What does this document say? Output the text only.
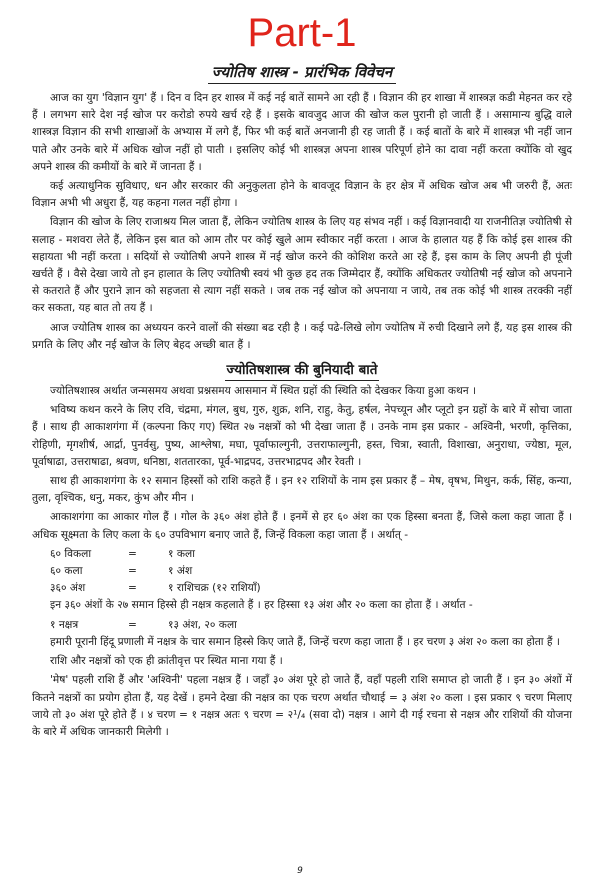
Part-1
ज्योतिष शास्त्र - प्रारंभिक विवेचन

आज का युग 'विज्ञान युग' हैं । दिन व दिन हर शास्त्र में कई नई बातें सामने आ रही हैं । विज्ञान की हर शाखा में शास्त्रज्ञ कडी मेहनत कर रहे हैं । लगभग सारे देश नई खोज पर करोडो रुपये खर्च रहे हैं । इसके बावजुद आज की खोज कल पुरानी हो जाती हैं । असामान्य बुद्धि वाले शास्त्रज्ञ विज्ञान की सभी शाखाओं के अभ्यास में लगे हैं, फिर भी कई बातें अनजानी ही रह जाती हैं । कई बातों के बारे में शास्त्रज्ञ भी नहीं जान पाते और उनके बारे में अधिक खोज नहीं हो पाती । इसलिए कोई भी शास्त्रज्ञ अपना शास्त्र परिपूर्ण होने का दावा नहीं करता क्योंकि वो खुद अपने शास्त्र की कमीयों के बारे में जानता हैं ।

कई अत्याधुनिक सुविधाए, धन और सरकार की अनुकुलता होने के बावजूद विज्ञान के हर क्षेत्र में अधिक खोज अब भी जरुरी हैं, अतः विज्ञान अभी भी अधुरा हैं, यह कहना गलत नहीं होगा ।

विज्ञान की खोज के लिए राजाश्रय मिल जाता हैं, लेकिन ज्योतिष शास्त्र के लिए यह संभव नहीं । कई विज्ञानवादी या राजनीतिज्ञ ज्योतिषी से सलाह - मशवरा लेते हैं, लेकिन इस बात को आम तौर पर कोई खुले आम स्वीकार नहीं करता । आज के हालात यह हैं कि कोई इस शास्त्र की सहायता भी नहीं करता । सदियों से ज्योतिषी अपने शास्त्र में नई खोज करने की कोशिश करते आ रहे हैं, इस काम के लिए अपनी ही पूंजी खर्चते हैं । वैसे देखा जाये तो इन हालात के लिए ज्योतिषी स्वयं भी कुछ हद तक जिम्मेदार हैं, क्योंकि अधिकतर ज्योतिषी नई खोज को अपनाने से कतराते हैं और पुराने ज्ञान को सहजता से त्याग नहीं सकते । जब तक नई खोज को अपनाया न जाये, तब तक कोई भी शास्त्र तरक्की नहीं कर सकता, यह बात तो तय हैं ।

आज ज्योतिष शास्त्र का अध्ययन करने वालों की संख्या बढ रही है । कई पढे-लिखे लोग ज्योतिष में रुची दिखाने लगे हैं, यह इस शास्त्र की प्रगति के लिए और नई खोज के लिए बेहद अच्छी बात हैं ।

ज्योतिषशास्त्र की बुनियादी बाते

ज्योतिषशास्त्र अर्थात जन्मसमय अथवा प्रश्नसमय आसमान में स्थित ग्रहों की स्थिति को देखकर किया हुआ कथन ।

भविष्य कथन करने के लिए रवि, चंद्रमा, मंगल, बुध, गुरु, शुक्र, शनि, राहु, केतु, हर्षल, नेपच्यून और प्लूटो इन ग्रहों के बारे में सोचा जाता हैं । साथ ही आकाशगंगा में (कल्पना किए गए) स्थित २७ नक्षत्रों को भी देखा जाता हैं । उनके नाम इस प्रकार - अश्विनी, भरणी, कृत्तिका, रोहिणी, मृगशीर्ष, आर्द्रा, पुनर्वसु, पुष्य, आश्लेषा, मघा, पूर्वाफाल्गुनी, उत्तराफाल्गुनी, हस्त, चित्रा, स्वाती, विशाखा, अनुराधा, ज्येष्ठा, मूल, पूर्वाषाढा, उत्तराषाढा, श्रवण, धनिष्ठा, शततारका, पूर्व-भाद्रपद, उत्तरभाद्रपद और रेवती ।

साथ ही आकाशगंगा के १२ समान हिस्सों को राशि कहते हैं । इन १२ राशियों के नाम इस प्रकार हैं – मेष, वृषभ, मिथुन, कर्क, सिंह, कन्या, तुला, वृश्चिक, धनु, मकर, कुंभ और मीन ।

आकाशगंगा का आकार गोल हैं । गोल के ३६० अंश होते हैं । इनमें से हर ६० अंश का एक हिस्सा बनता हैं, जिसे कला कहा जाता हैं । अधिक सूक्ष्मता के लिए कला के ६० उपविभाग बनाए जाते हैं, जिन्हें विकला कहा जाता हैं । अर्थात् -

६० विकला	=	१ कला
६० कला	=	१ अंश
३६० अंश	=	१ राशिचक्र (१२ राशियाँ)

इन ३६० अंशों के २७ समान हिस्से ही नक्षत्र कहलाते हैं । हर हिस्सा १३ अंश और २० कला का होता हैं । अर्थात -

१ नक्षत्र	=	१३ अंश, २० कला

हमारी पूरानी हिंदू प्रणाली में नक्षत्र के चार समान हिस्से किए जाते हैं, जिन्हें चरण कहा जाता हैं । हर चरण ३ अंश २० कला का होता हैं ।

राशि और नक्षत्रों को एक ही क्रांतीवृत्त पर स्थित माना गया हैं ।

'मेष' पहली राशि हैं और 'अश्विनी' पहला नक्षत्र हैं । जहाँ ३० अंश पूरे हो जाते हैं, वहाँ पहली राशि समाप्त हो जाती हैं । इन ३० अंशों में कितने नक्षत्रों का प्रयोग होता हैं, यह देखें । हमने देखा की नक्षत्र का एक चरण अर्थात चौथाई = ३ अंश २० कला । इस प्रकार ९ चरण मिलाए जाये तो ३० अंश पूरे होते हैं । ४ चरण = १ नक्षत्र अतः ९ चरण = २¹/₄ (सवा दो) नक्षत्र । आगे दी गई रचना से नक्षत्र और राशियों की योजना के बारे में अधिक जानकारी मिलेगी ।

9
